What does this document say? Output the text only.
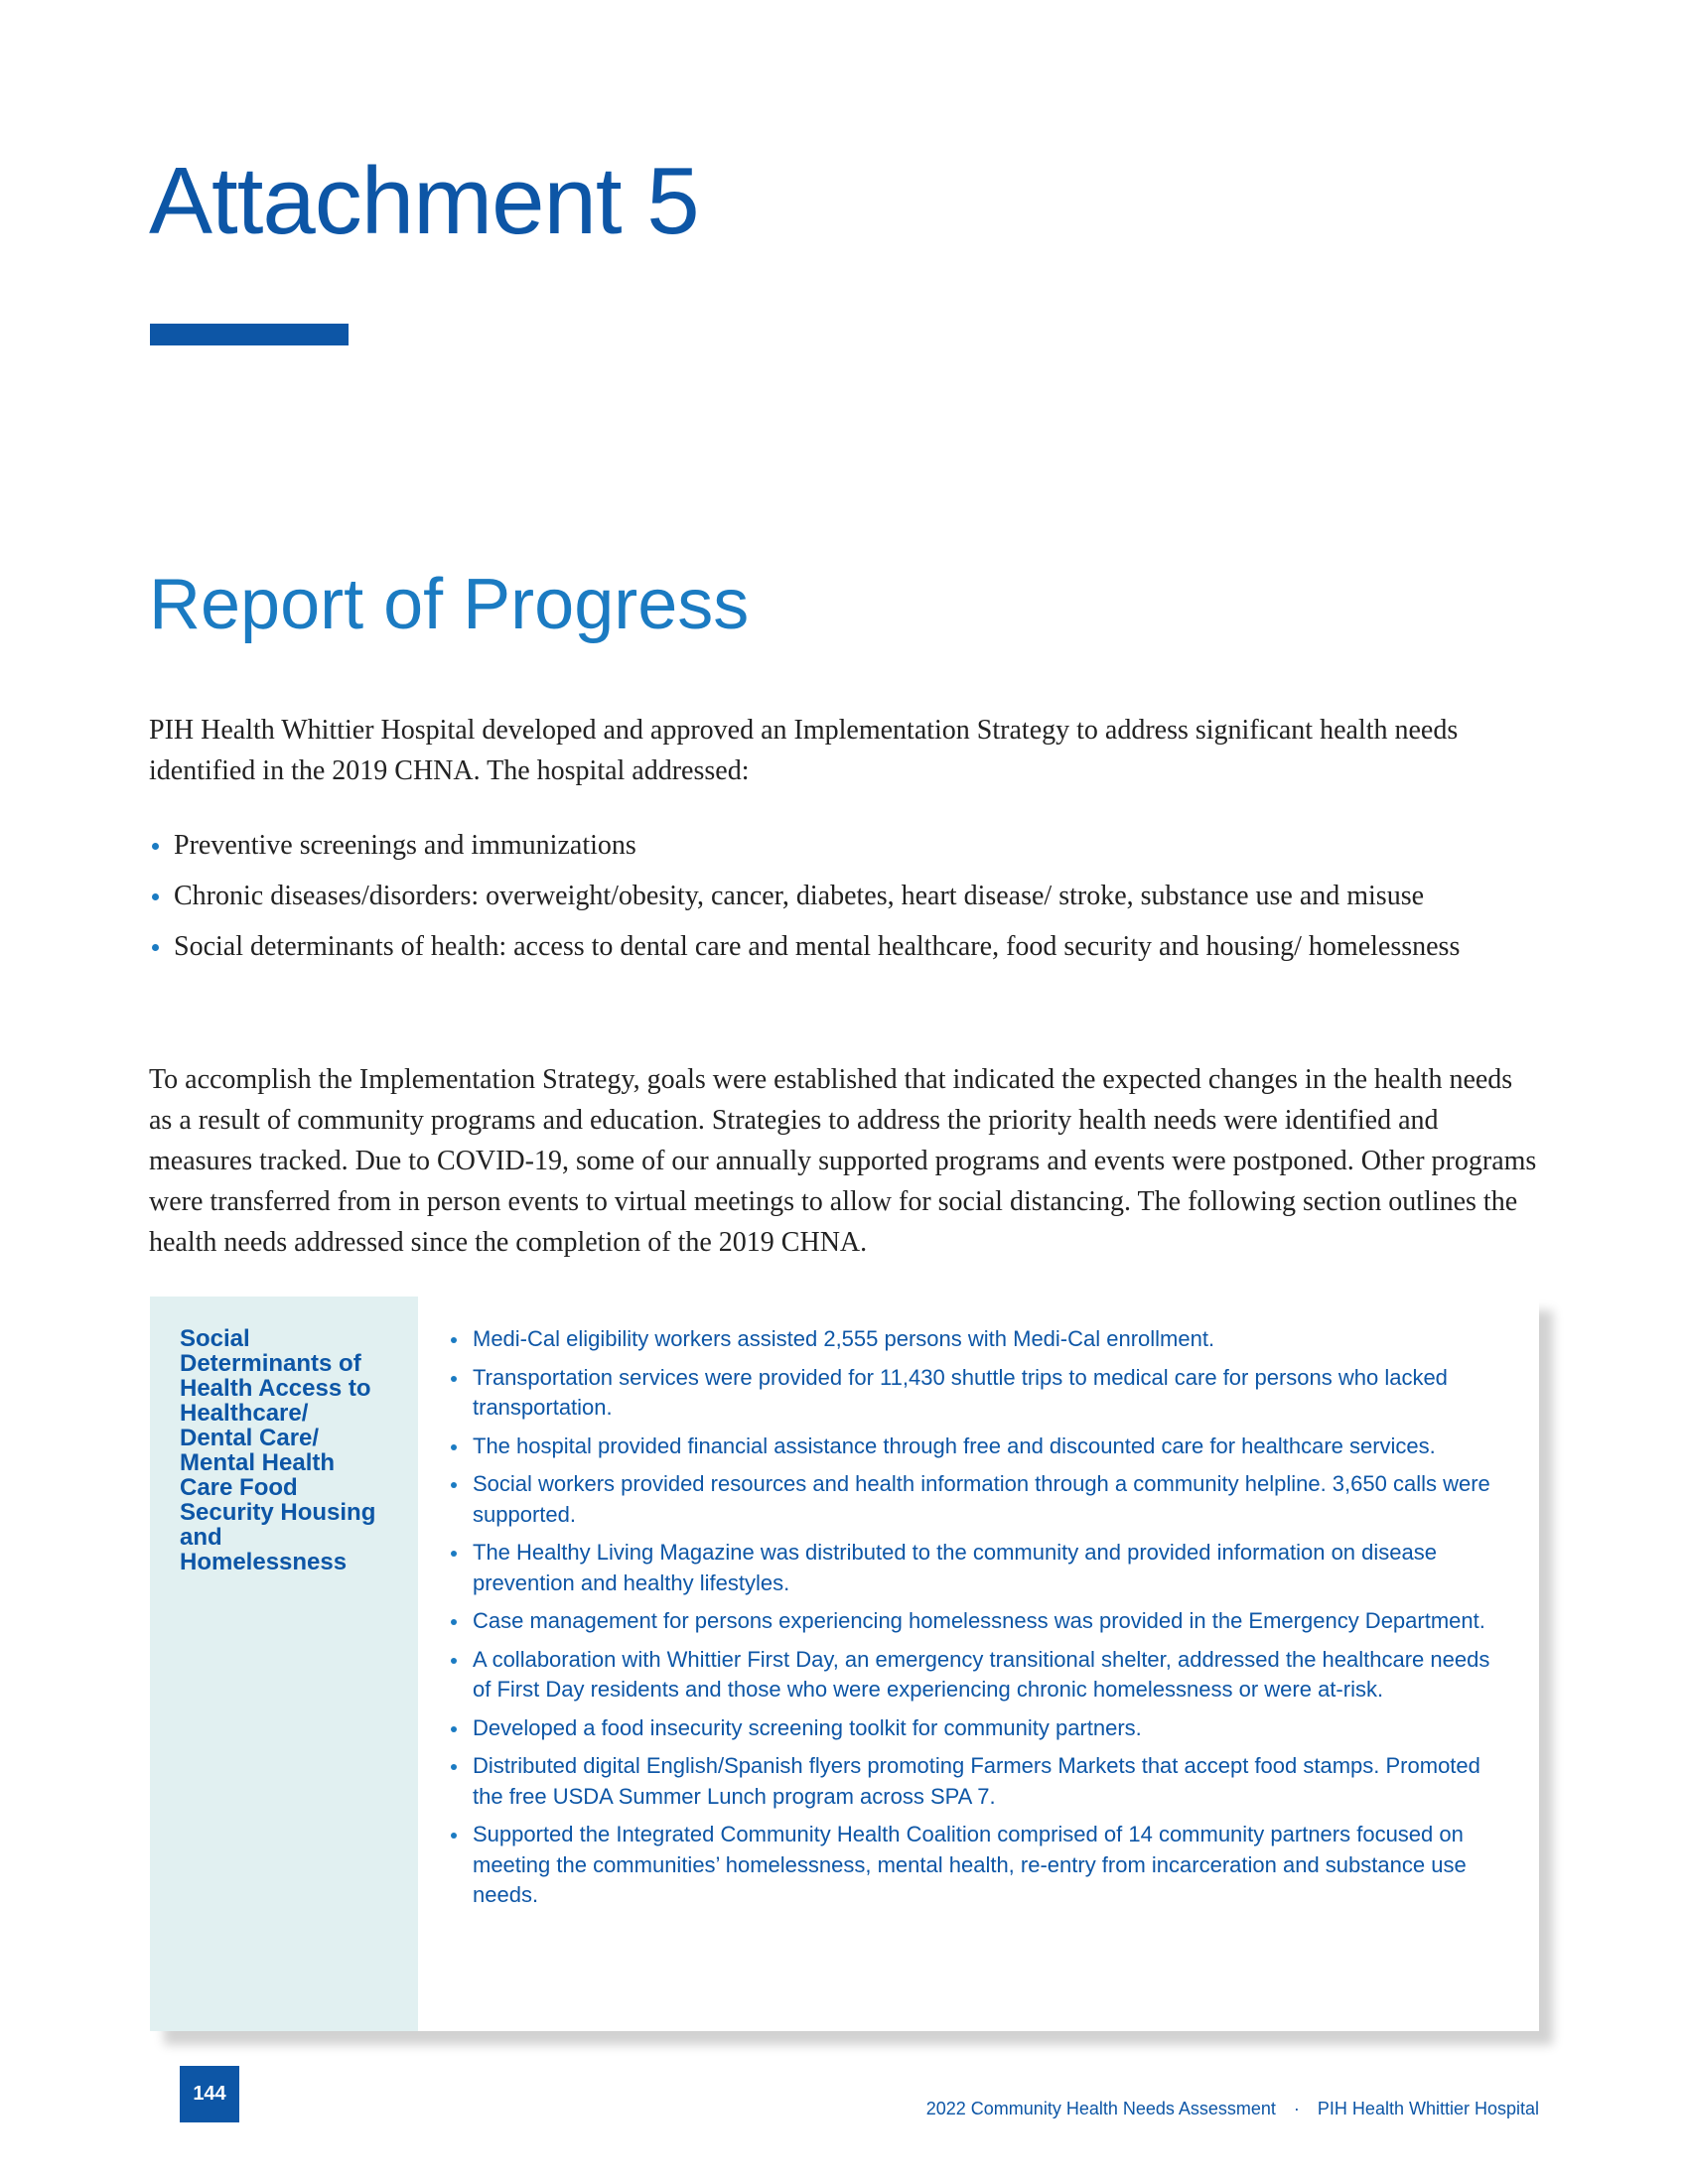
Attachment 5
Report of Progress

PIH Health Whittier Hospital developed and approved an Implementation Strategy to address significant health needs identified in the 2019 CHNA. The hospital addressed:

Preventive screenings and immunizations
Chronic diseases/disorders: overweight/obesity, cancer, diabetes, heart disease/ stroke, substance use and misuse
Social determinants of health: access to dental care and mental healthcare, food security and housing/ homelessness

To accomplish the Implementation Strategy, goals were established that indicated the expected changes in the health needs as a result of community programs and education. Strategies to address the priority health needs were identified and measures tracked. Due to COVID-19, some of our annually supported programs and events were postponed. Other programs were transferred from in person events to virtual meetings to allow for social distancing. The following section outlines the health needs addressed since the completion of the 2019 CHNA.

Social Determinants of Health Access to Healthcare/ Dental Care/ Mental Health Care Food Security Housing and Homelessness

Medi-Cal eligibility workers assisted 2,555 persons with Medi-Cal enrollment.
Transportation services were provided for 11,430 shuttle trips to medical care for persons who lacked transportation.
The hospital provided financial assistance through free and discounted care for healthcare services.
Social workers provided resources and health information through a community helpline. 3,650 calls were supported.
The Healthy Living Magazine was distributed to the community and provided information on disease prevention and healthy lifestyles.
Case management for persons experiencing homelessness was provided in the Emergency Department.
A collaboration with Whittier First Day, an emergency transitional shelter, addressed the healthcare needs of First Day residents and those who were experiencing chronic homelessness or were at-risk.
Developed a food insecurity screening toolkit for community partners.
Distributed digital English/Spanish flyers promoting Farmers Markets that accept food stamps. Promoted the free USDA Summer Lunch program across SPA 7.
Supported the Integrated Community Health Coalition comprised of 14 community partners focused on meeting the communities’ homelessness, mental health, re-entry from incarceration and substance use needs.
144
2022 Community Health Needs Assessment · PIH Health Whittier Hospital
